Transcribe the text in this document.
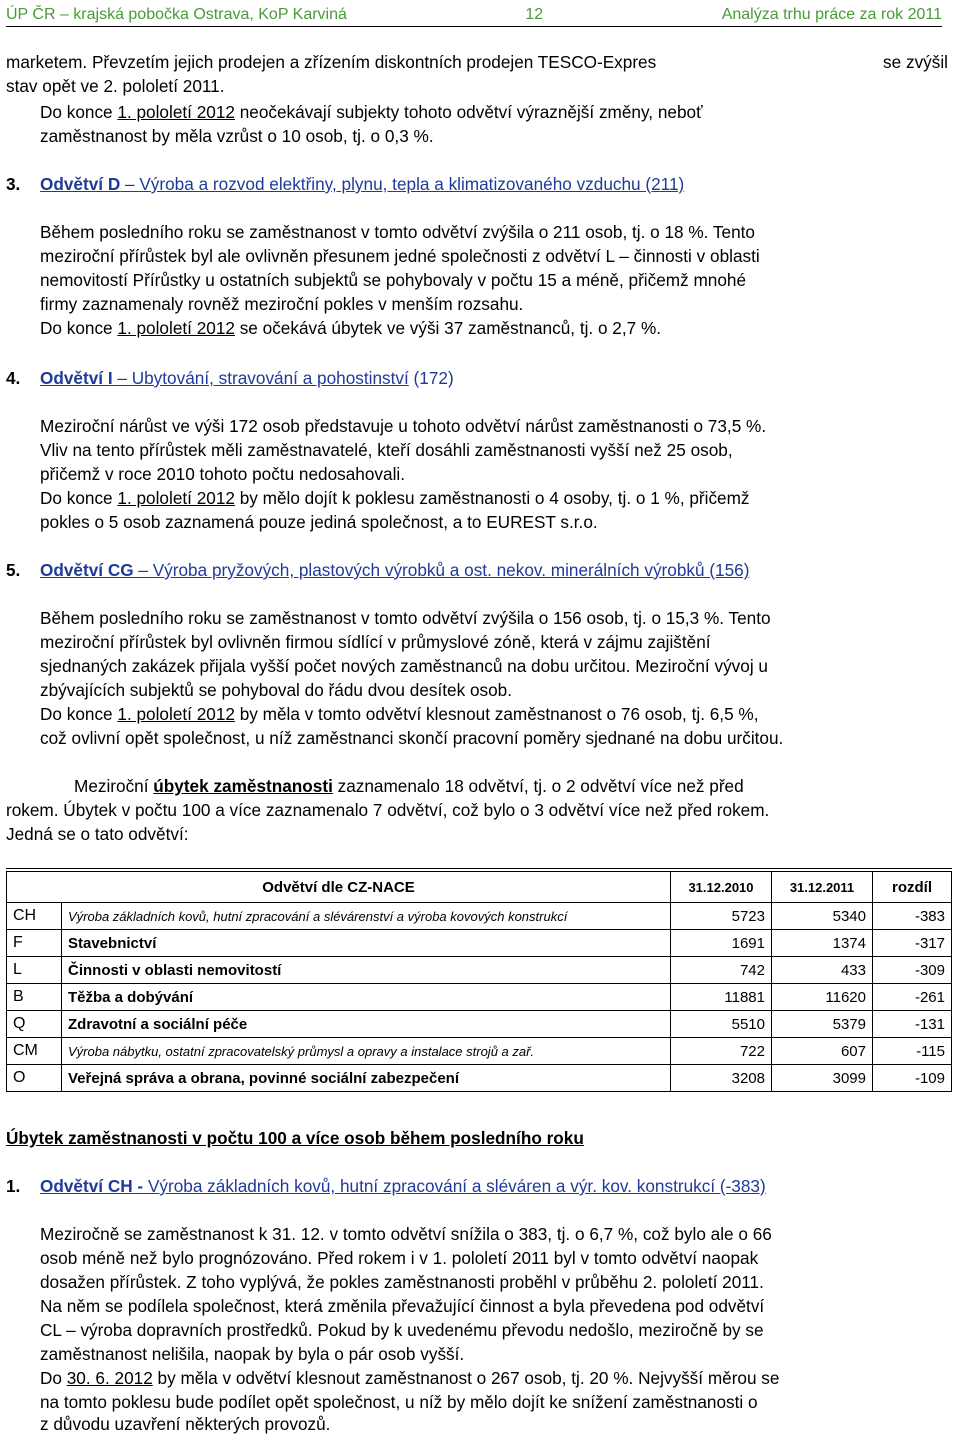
ÚP ČR – krajská pobočka Ostrava, KoP Karviná	12	Analýza trhu práce za rok 2011
marketem. Převzetím jejich prodejen a zřízením diskontních prodejen TESCO-Expres	se zvýšil
stav opět ve 2. pololetí 2011.
Do konce 1. pololetí 2012 neočekávají subjekty tohoto odvětví výraznější změny, neboť
zaměstnanost by měla vzrůst o 10 osob, tj. o 0,3 %.
3. Odvětví D – Výroba a rozvod elektřiny, plynu, tepla a klimatizovaného vzduchu (211)
Během posledního roku se zaměstnanost v tomto odvětví zvýšila o 211 osob, tj. o 18 %. Tento
meziroční přírůstek byl ale ovlivněn přesunem jedné společnosti z odvětví L – činnosti v oblasti
nemovitostí Přírůstky u ostatních subjektů se pohybovaly v počtu 15 a méně, přičemž mnohé
firmy zaznamenaly rovněž meziroční pokles v menším rozsahu.
Do konce 1. pololetí 2012 se očekává úbytek ve výši 37 zaměstnanců, tj. o 2,7 %.
4. Odvětví I – Ubytování, stravování a pohostinství (172)
Meziroční nárůst ve výši 172 osob představuje u tohoto odvětví nárůst zaměstnanosti o 73,5 %.
Vliv na tento přírůstek měli zaměstnavatelé, kteří dosáhli zaměstnanosti vyšší než 25 osob,
přičemž v roce 2010 tohoto počtu nedosahovali.
Do konce 1. pololetí 2012 by mělo dojít k poklesu zaměstnanosti o 4 osoby, tj. o 1 %, přičemž
pokles o 5 osob zaznamená pouze jediná společnost, a to EUREST s.r.o.
5. Odvětví CG – Výroba pryžových, plastových výrobků a ost. nekov. minerálních výrobků (156)
Během posledního roku se zaměstnanost v tomto odvětví zvýšila o 156 osob, tj. o 15,3 %. Tento
meziroční přírůstek byl ovlivněn firmou sídlící v průmyslové zóně, která v zájmu zajištění
sjednaných zakázek přijala vyšší počet nových zaměstnanců na dobu určitou. Meziroční vývoj u
zbývajících subjektů se pohyboval do řádu dvou desítek osob.
Do konce 1. pololetí 2012 by měla v tomto odvětví klesnout zaměstnanost o 76 osob, tj. 6,5 %,
což ovlivní opět společnost, u níž zaměstnanci skončí pracovní poměry sjednané na dobu určitou.
Meziroční úbytek zaměstnanosti zaznamenalo 18 odvětví, tj. o 2 odvětví více než před
rokem. Úbytek v počtu 100 a více zaznamenalo 7 odvětví, což bylo o 3 odvětví více než před rokem.
Jedná se o tato odvětví:
Odvětví dle CZ-NACE		31.12.2010	31.12.2011	rozdíl
CH	Výroba základních kovů, hutní zpracování a slévárenství a výroba kovových konstrukcí	5723	5340	-383
F	Stavebnictví	1691	1374	-317
L	Činnosti v oblasti nemovitostí	742	433	-309
B	Těžba a dobývání	11881	11620	-261
Q	Zdravotní a sociální péče	5510	5379	-131
CM	Výroba nábytku, ostatní zpracovatelský průmysl a opravy a instalace strojů a zař.	722	607	-115
O	Veřejná správa a obrana, povinné sociální zabezpečení	3208	3099	-109
Úbytek zaměstnanosti v počtu 100 a více osob během posledního roku
1. Odvětví CH - Výroba základních kovů, hutní zpracování a sléváren a výr. kov. konstrukcí (-383)
Meziročně se zaměstnanost k 31. 12. v tomto odvětví snížila o 383, tj. o 6,7 %, což bylo ale o 66
osob méně než bylo prognózováno. Před rokem i v 1. pololetí 2011 byl v tomto odvětví naopak
dosažen přírůstek. Z toho vyplývá, že pokles zaměstnanosti proběhl v průběhu 2. pololetí 2011.
Na něm se podílela společnost, která změnila převažující činnost a byla převedena pod odvětví
CL – výroba dopravních prostředků. Pokud by k uvedenému převodu nedošlo, meziročně by se
zaměstnanost nelišila, naopak by byla o pár osob vyšší.
Do 30. 6. 2012 by měla v odvětví klesnout zaměstnanost o 267 osob, tj. 20 %. Nejvyšší měrou se
na tomto poklesu bude podílet opět společnost, u níž by mělo dojít ke snížení zaměstnanosti o
z důvodu uzavření některých provozů.
